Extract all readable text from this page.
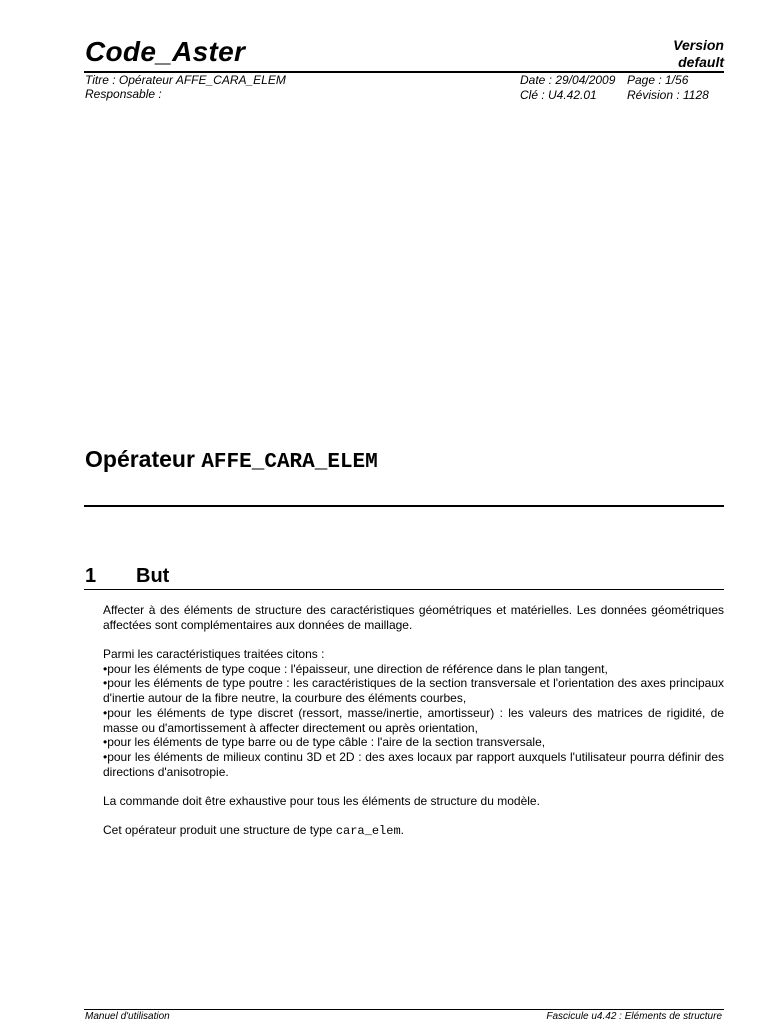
Code_Aster	Version
default
Titre : Opérateur AFFE_CARA_ELEM
Responsable :
Date : 29/04/2009 Page : 1/56
Clé : U4.42.01	Révision : 1128
Opérateur AFFE_CARA_ELEM
1 But
Affecter à des éléments de structure des caractéristiques géométriques et matérielles. Les données géométriques affectées sont complémentaires aux données de maillage.
Parmi les caractéristiques traitées citons :
•pour les éléments de type coque : l'épaisseur, une direction de référence dans le plan tangent,
•pour les éléments de type poutre : les caractéristiques de la section transversale et l'orientation des axes principaux d'inertie autour de la fibre neutre, la courbure des éléments courbes,
•pour les éléments de type discret (ressort, masse/inertie, amortisseur) : les valeurs des matrices de rigidité, de masse ou d'amortissement à affecter directement ou après orientation,
•pour les éléments de type barre ou de type câble : l'aire de la section transversale,
•pour les éléments de milieux continu 3D et 2D : des axes locaux par rapport auxquels l'utilisateur pourra définir des directions d'anisotropie.
La commande doit être exhaustive pour tous les éléments de structure du modèle.
Cet opérateur produit une structure de type cara_elem.
Manuel d'utilisation	Fascicule u4.42 : Eléments de structure
